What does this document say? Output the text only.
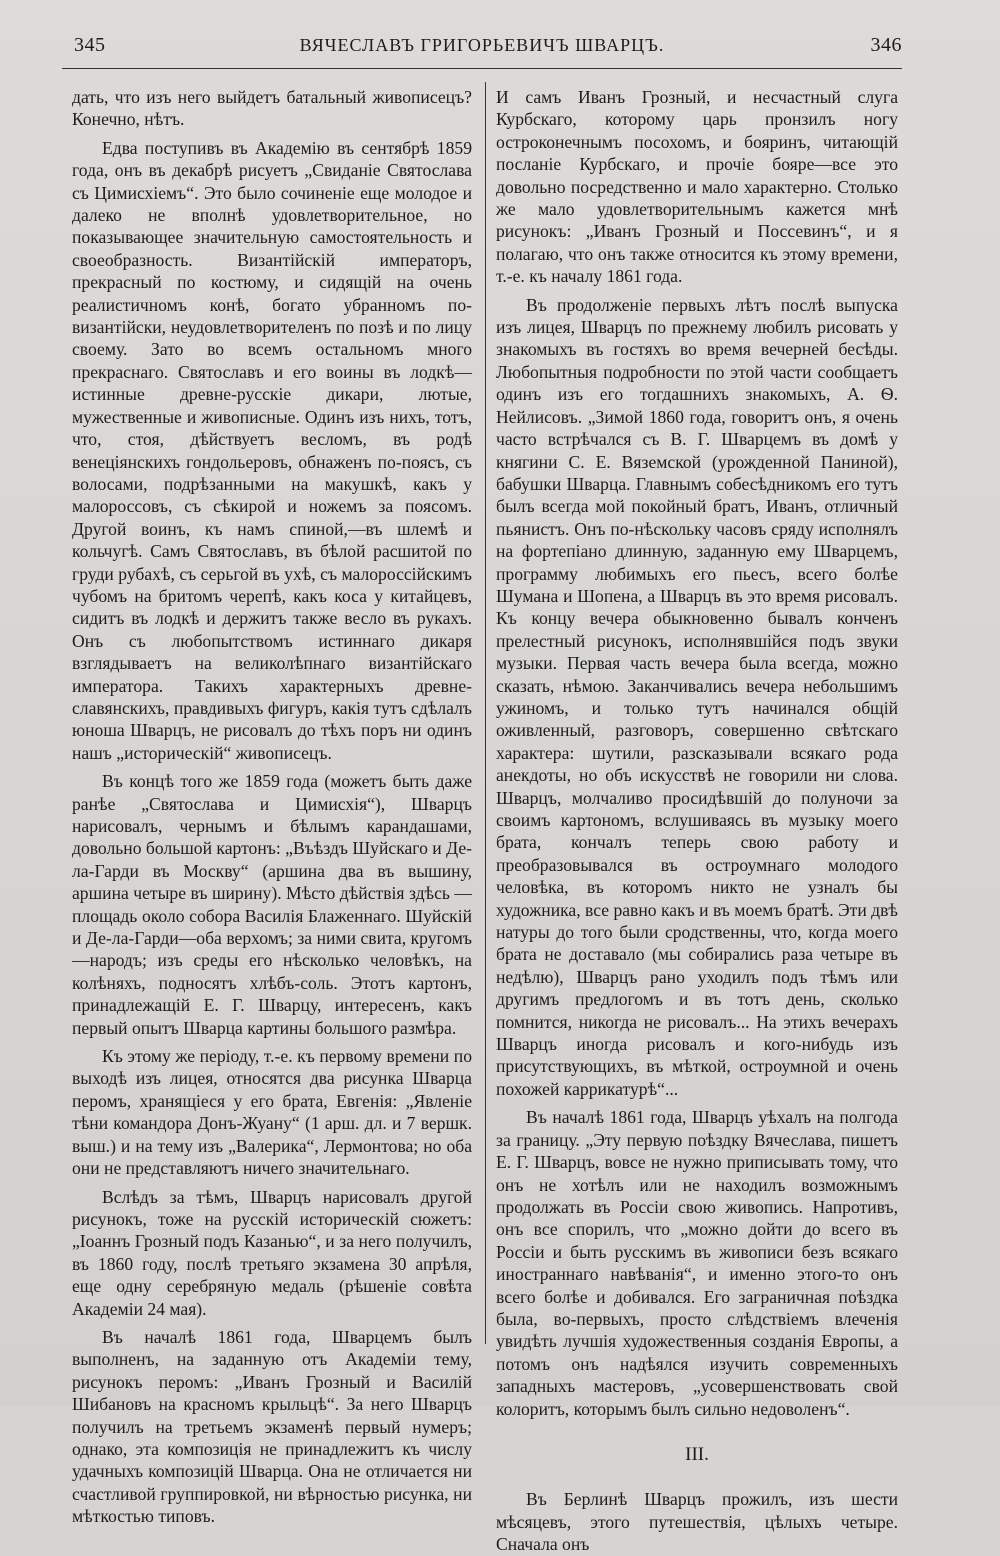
345	ВЯЧЕСЛАВЪ ГРИГОРЬЕВИЧЪ ШВАРЦЪ.	346

дать, что изъ него выйдетъ батальный живописецъ? Конечно, нѣтъ.

Едва поступивъ въ Академію въ сентябрѣ 1859 года, онъ въ декабрѣ рисуетъ „Свиданіе Святослава съ Цимисхіемъ“. Это было сочиненіе еще молодое и далеко не вполнѣ удовлетворительное, но показывающее значительную самостоятельность и своеобразность. Византійскій императоръ, прекрасный по костюму, и сидящій на очень реалистичномъ конѣ, богато убранномъ по-византійски, неудовлетворителенъ по позѣ и по лицу своему. Зато во всемъ остальномъ много прекраснаго. Святославъ и его воины въ лодкѣ—истинные древне-русскіе дикари, лютые, мужественные и живописные. Одинъ изъ нихъ, тотъ, что, стоя, дѣйствуетъ весломъ, въ родѣ венеціянскихъ гондольеровъ, обнаженъ по-поясъ, съ волосами, подрѣзанными на макушкѣ, какъ у малороссовъ, съ сѣкирой и ножемъ за поясомъ. Другой воинъ, къ намъ спиной,—въ шлемѣ и кольчугѣ. Самъ Святославъ, въ бѣлой расшитой по груди рубахѣ, съ серьгой въ ухѣ, съ малороссійскимъ чубомъ на бритомъ черепѣ, какъ коса у китайцевъ, сидитъ въ лодкѣ и держитъ также весло въ рукахъ. Онъ съ любопытствомъ истиннаго дикаря взглядываетъ на великолѣпнаго византійскаго императора. Такихъ характерныхъ древне-славянскихъ, правдивыхъ фигуръ, какія тутъ сдѣлалъ юноша Шварцъ, не рисовалъ до тѣхъ поръ ни одинъ нашъ „историческій“ живописецъ.

Въ концѣ того же 1859 года (можетъ быть даже ранѣе „Святослава и Цимисхія“), Шварцъ нарисовалъ, чернымъ и бѣлымъ карандашами, довольно большой картонъ: „Въѣздъ Шуйскаго и Де-ла-Гарди въ Москву“ (аршина два въ вышину, аршина четыре въ ширину). Мѣсто дѣйствія здѣсь — площадь около собора Василія Блаженнаго. Шуйскій и Де-ла-Гарди—оба верхомъ; за ними свита, кругомъ—народъ; изъ среды его нѣсколько человѣкъ, на колѣняхъ, подносятъ хлѣбъ-соль. Этотъ картонъ, принадлежащій Е. Г. Шварцу, интересенъ, какъ первый опытъ Шварца картины большого размѣра.

Къ этому же періоду, т.-е. къ первому времени по выходѣ изъ лицея, относятся два рисунка Шварца перомъ, хранящіеся у его брата, Евгенія: „Явленіе тѣни командора Донъ-Жуану“ (1 арш. дл. и 7 вершк. выш.) и на тему изъ „Валерика“, Лермонтова; но оба они не представляютъ ничего значительнаго.

Вслѣдъ за тѣмъ, Шварцъ нарисовалъ другой рисунокъ, тоже на русскій историческій сюжетъ: „Іоаннъ Грозный подъ Казанью“, и за него получилъ, въ 1860 году, послѣ третьяго экзамена 30 апрѣля, еще одну серебряную медаль (рѣшеніе совѣта Академіи 24 мая).

Въ началѣ 1861 года, Шварцемъ былъ выполненъ, на заданную отъ Академіи тему, рисунокъ перомъ: „Иванъ Грозный и Василій Шибановъ на красномъ крыльцѣ“. За него Шварцъ получилъ на третьемъ экзаменѣ первый нумеръ; однако, эта композиція не принадлежитъ къ числу удачныхъ композицій Шварца. Она не отличается ни счастливой группировкой, ни вѣрностью рисунка, ни мѣткостью типовъ.

И самъ Иванъ Грозный, и несчастный слуга Курбскаго, которому царь пронзилъ ногу остроконечнымъ посохомъ, и бояринъ, читающій посланіе Курбскаго, и прочіе бояре—все это довольно посредственно и мало характерно. Столько же мало удовлетворительнымъ кажется мнѣ рисунокъ: „Иванъ Грозный и Поссевинъ“, и я полагаю, что онъ также относится къ этому времени, т.-е. къ началу 1861 года.

Въ продолженіе первыхъ лѣтъ послѣ выпуска изъ лицея, Шварцъ по прежнему любилъ рисовать у знакомыхъ въ гостяхъ во время вечерней бесѣды. Любопытныя подробности по этой части сообщаетъ одинъ изъ его тогдашнихъ знакомыхъ, А. Ѳ. Нейлисовъ. „Зимой 1860 года, говоритъ онъ, я очень часто встрѣчался съ В. Г. Шварцемъ въ домѣ у княгини С. Е. Вяземской (урожденной Паниной), бабушки Шварца. Главнымъ собесѣдникомъ его тутъ былъ всегда мой покойный братъ, Иванъ, отличный пьянистъ. Онъ по-нѣскольку часовъ сряду исполнялъ на фортепіано длинную, заданную ему Шварцемъ, программу любимыхъ его пьесъ, всего болѣе Шумана и Шопена, а Шварцъ въ это время рисовалъ. Къ концу вечера обыкновенно бывалъ конченъ прелестный рисунокъ, исполнявшійся подъ звуки музыки. Первая часть вечера была всегда, можно сказать, нѣмою. Заканчивались вечера небольшимъ ужиномъ, и только тутъ начинался общій оживленный, разговоръ, совершенно свѣтскаго характера: шутили, разсказывали всякаго рода анекдоты, но объ искусствѣ не говорили ни слова. Шварцъ, молчаливо просидѣвшій до полуночи за своимъ картономъ, вслушиваясь въ музыку моего брата, кончалъ теперь свою работу и преобразовывался въ остроумнаго молодого человѣка, въ которомъ никто не узналъ бы художника, все равно какъ и въ моемъ братѣ. Эти двѣ натуры до того были сродственны, что, когда моего брата не доставало (мы собирались раза четыре въ недѣлю), Шварцъ рано уходилъ подъ тѣмъ или другимъ предлогомъ и въ тотъ день, сколько помнится, никогда не рисовалъ... На этихъ вечерахъ Шварцъ иногда рисовалъ и кого-нибудь изъ присутствующихъ, въ мѣткой, остроумной и очень похожей каррикатурѣ“...

Въ началѣ 1861 года, Шварцъ уѣхалъ на полгода за границу. „Эту первую поѣздку Вячеслава, пишетъ Е. Г. Шварцъ, вовсе не нужно приписывать тому, что онъ не хотѣлъ или не находилъ возможнымъ продолжать въ Россіи свою живопись. Напротивъ, онъ все спорилъ, что „можно дойти до всего въ Россіи и быть русскимъ въ живописи безъ всякаго иностраннаго навѣванія“, и именно этого-то онъ всего болѣе и добивался. Его заграничная поѣздка была, во-первыхъ, просто слѣдствіемъ влеченія увидѣть лучшія художественныя созданія Европы, а потомъ онъ надѣялся изучить современныхъ западныхъ мастеровъ, „усовершенствовать свой колоритъ, которымъ былъ сильно недоволенъ“.

III.

Въ Берлинѣ Шварцъ прожилъ, изъ шести мѣсяцевъ, этого путешествія, цѣлыхъ четыре. Сначала онъ
